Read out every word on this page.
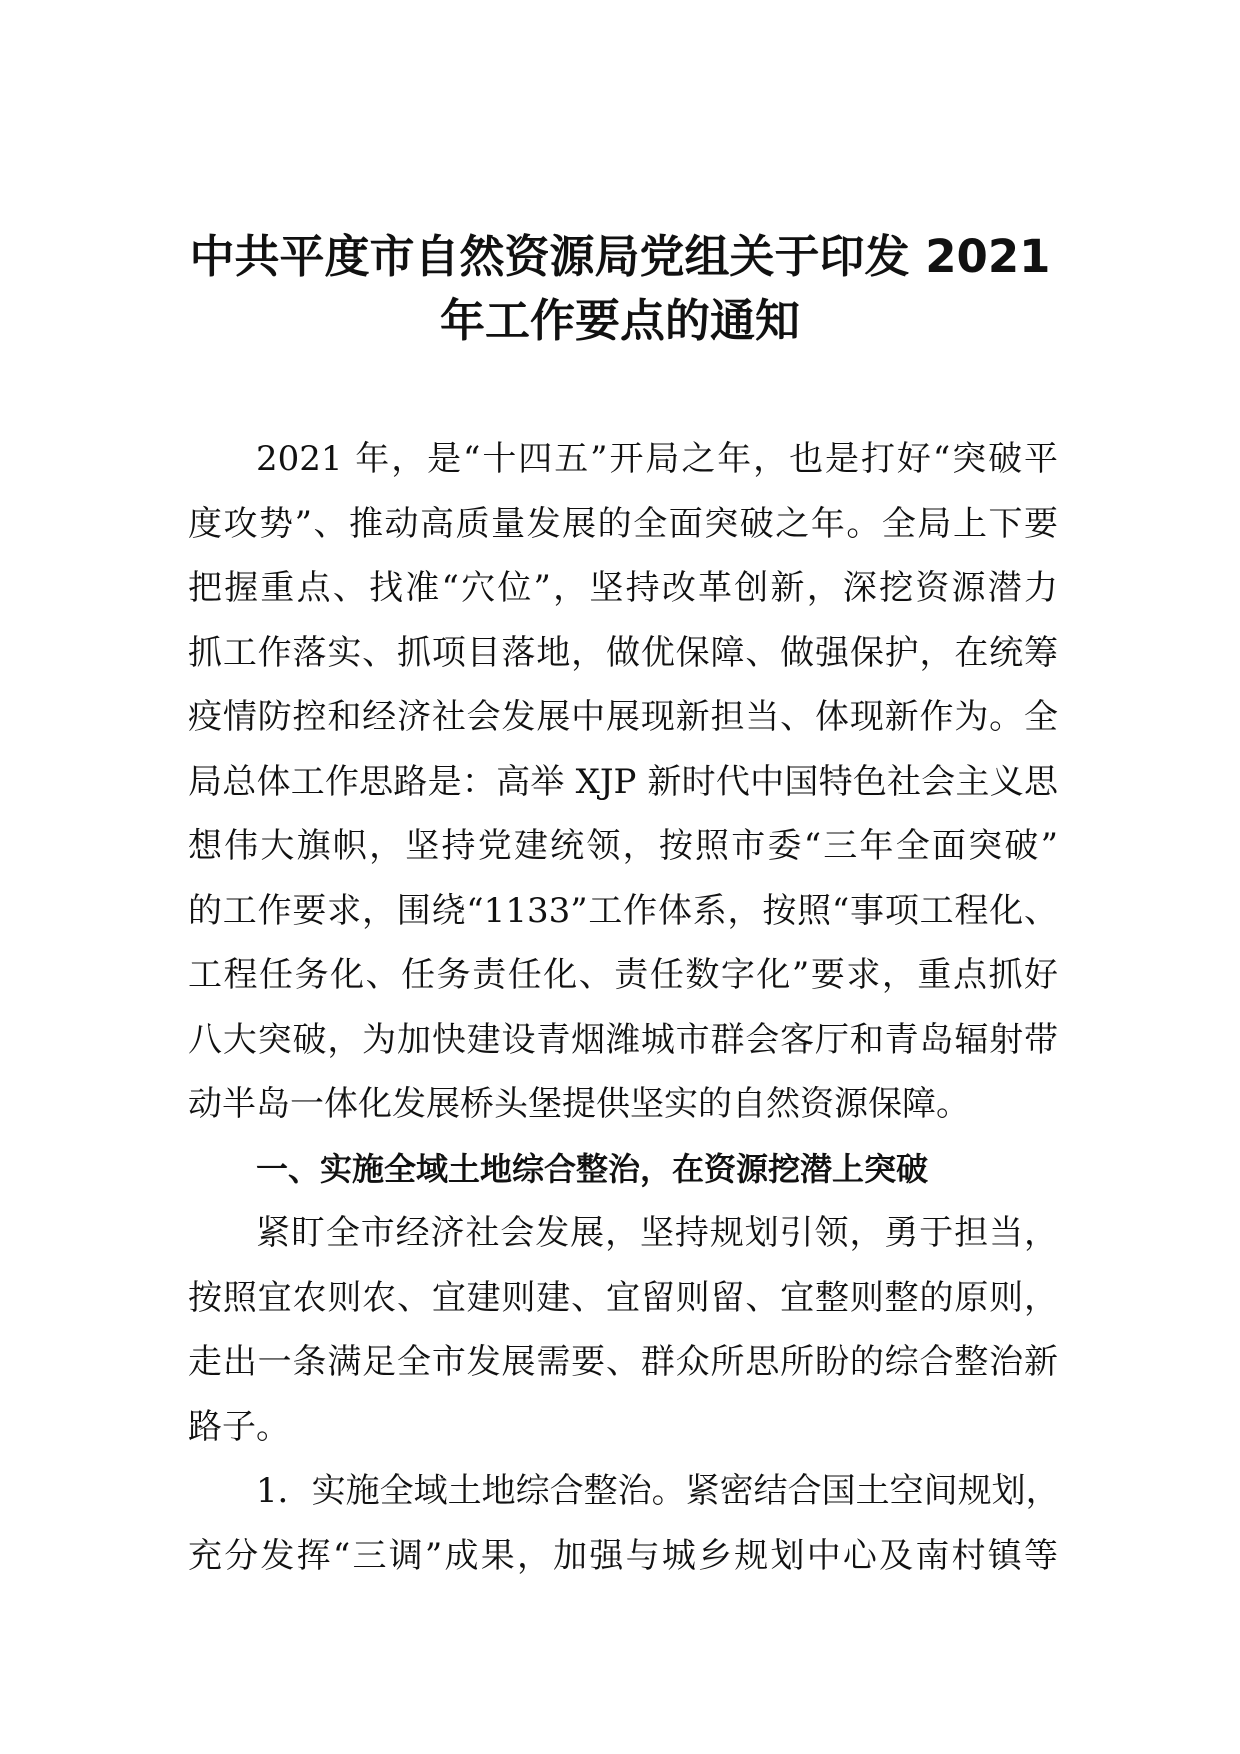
中共平度市自然资源局党组关于印发 2021
年工作要点的通知
2021 年，是“十四五”开局之年，也是打好“突破平
度攻势”、推动高质量发展的全面突破之年。全局上下要
把握重点、找准“穴位”，坚持改革创新，深挖资源潜力
抓工作落实、抓项目落地，做优保障、做强保护，在统筹
疫情防控和经济社会发展中展现新担当、体现新作为。全
局总体工作思路是：高举 XJP 新时代中国特色社会主义思
想伟大旗帜，坚持党建统领，按照市委“三年全面突破”
的工作要求，围绕“1133”工作体系，按照“事项工程化、
工程任务化、任务责任化、责任数字化”要求，重点抓好
八大突破，为加快建设青烟潍城市群会客厅和青岛辐射带
动半岛一体化发展桥头堡提供坚实的自然资源保障。
一、实施全域土地综合整治，在资源挖潜上突破
紧盯全市经济社会发展，坚持规划引领，勇于担当，
按照宜农则农、宜建则建、宜留则留、宜整则整的原则，
走出一条满足全市发展需要、群众所思所盼的综合整治新
路子。
1．实施全域土地综合整治。紧密结合国土空间规划，
充分发挥“三调”成果，加强与城乡规划中心及南村镇等
